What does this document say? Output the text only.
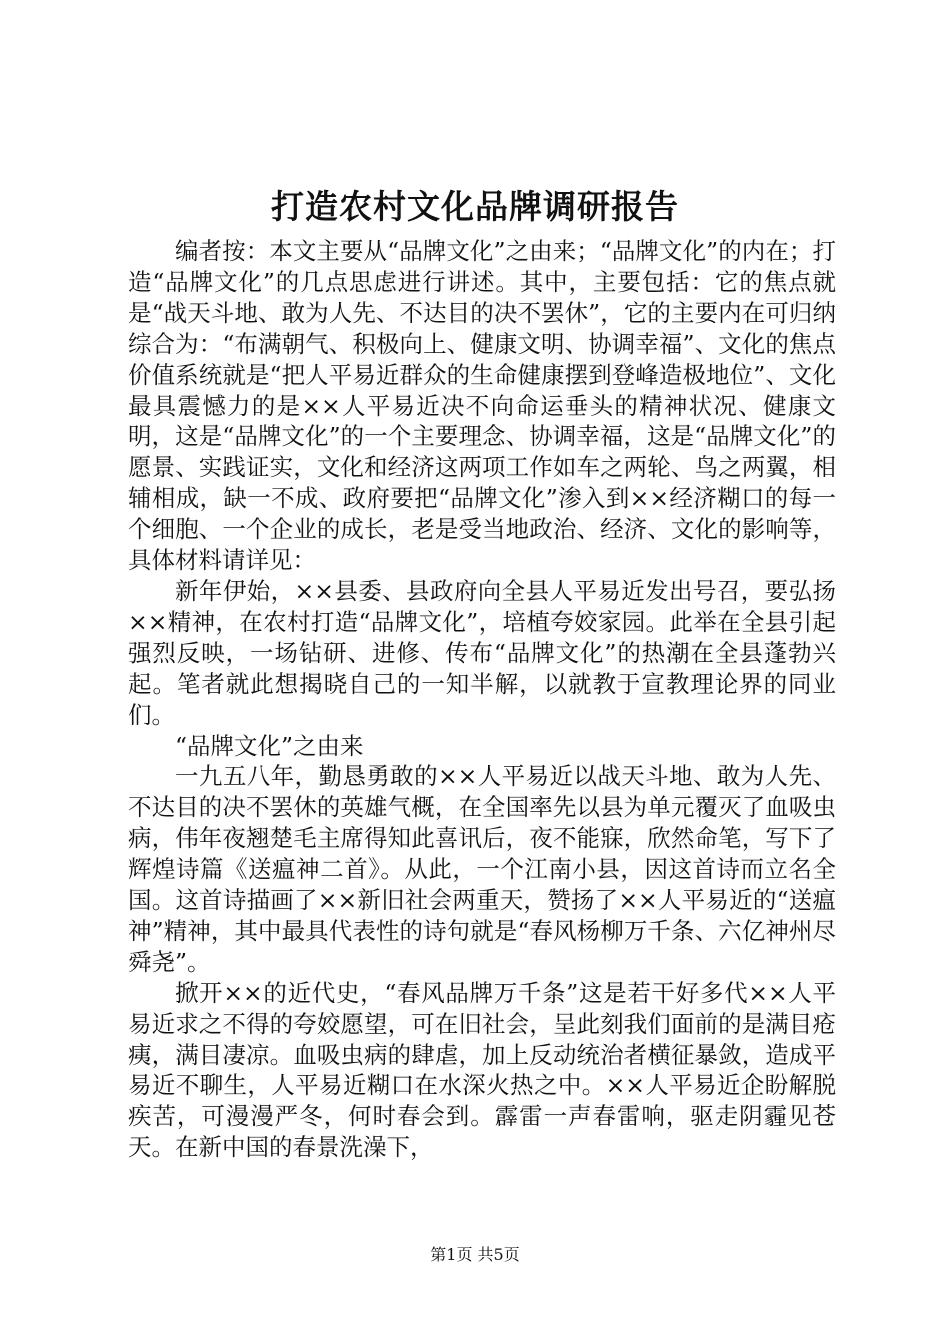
打造农村文化品牌调研报告

编者按：本文主要从“品牌文化”之由来；“品牌文化”的内在；打造“品牌文化”的几点思虑进行讲述。其中，主要包括：它的焦点就是“战天斗地、敢为人先、不达目的决不罢休”，它的主要内在可归纳综合为：“布满朝气、积极向上、健康文明、协调幸福”、文化的焦点价值系统就是“把人平易近群众的生命健康摆到登峰造极地位”、文化最具震憾力的是××人平易近决不向命运垂头的精神状况、健康文明，这是“品牌文化”的一个主要理念、协调幸福，这是“品牌文化”的愿景、实践证实，文化和经济这两项工作如车之两轮、鸟之两翼，相辅相成，缺一不成、政府要把“品牌文化”渗入到××经济糊口的每一个细胞、一个企业的成长，老是受当地政治、经济、文化的影响等，具体材料请详见：

新年伊始，××县委、县政府向全县人平易近发出号召，要弘扬××精神，在农村打造“品牌文化”，培植夸姣家园。此举在全县引起强烈反映，一场钻研、进修、传布“品牌文化”的热潮在全县蓬勃兴起。笔者就此想揭晓自己的一知半解，以就教于宣教理论界的同业们。

“品牌文化”之由来

一九五八年，勤恳勇敢的××人平易近以战天斗地、敢为人先、不达目的决不罢休的英雄气概，在全国率先以县为单元覆灭了血吸虫病，伟年夜翘楚毛主席得知此喜讯后，夜不能寐，欣然命笔，写下了辉煌诗篇《送瘟神二首》。从此，一个江南小县，因这首诗而立名全国。这首诗描画了××新旧社会两重天，赞扬了××人平易近的“送瘟神”精神，其中最具代表性的诗句就是“春风杨柳万千条、六亿神州尽舜尧”。

掀开××的近代史，“春风品牌万千条”这是若干好多代××人平易近求之不得的夸姣愿望，可在旧社会，呈此刻我们面前的是满目疮痍，满目凄凉。血吸虫病的肆虐，加上反动统治者横征暴敛，造成平易近不聊生，人平易近糊口在水深火热之中。××人平易近企盼解脱疾苦，可漫漫严冬，何时春会到。霹雷一声春雷响，驱走阴霾见苍天。在新中国的春景洗澡下，

第1页 共5页
